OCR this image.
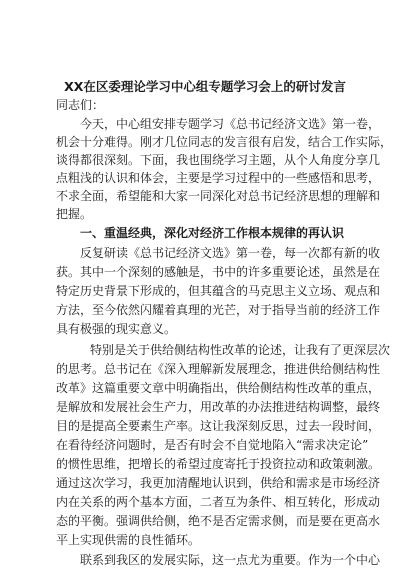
XX在区委理论学习中心组专题学习会上的研讨发言
同志们：
今天，中心组安排专题学习《总书记经济文选》第一卷，
机会十分难得。刚才几位同志的发言很有启发，结合工作实际，
谈得都很深刻。下面，我也围绕学习主题，从个人角度分享几
点粗浅的认识和体会，主要是学习过程中的一些感悟和思考，
不求全面，希望能和大家一同深化对总书记经济思想的理解和
把握。
一、重温经典，深化对经济工作根本规律的再认识
反复研读《总书记经济文选》第一卷，每一次都有新的收
获。其中一个深刻的感触是，书中的许多重要论述，虽然是在
特定历史背景下形成的，但其蕴含的马克思主义立场、观点和
方法，至今依然闪耀着真理的光芒，对于指导当前的经济工作
具有极强的现实意义。
特别是关于供给侧结构性改革的论述，让我有了更深层次
的思考。总书记在《深入理解新发展理念，推进供给侧结构性
改革》这篇重要文章中明确指出，供给侧结构性改革的重点，
是解放和发展社会生产力，用改革的办法推进结构调整，最终
目的是提高全要素生产率。这让我深刻反思，过去一段时间，
在看待经济问题时，是否有时会不自觉地陷入“需求决定论”
的惯性思维，把增长的希望过度寄托于投资拉动和政策刺激。
通过这次学习，我更加清醒地认识到，供给和需求是市场经济
内在关系的两个基本方面，二者互为条件、相互转化，形成动
态的平衡。强调供给侧，绝不是否定需求侧，而是要在更高水
平上实现供需的良性循环。
联系到我区的发展实际，这一点尤为重要。作为一个中心
